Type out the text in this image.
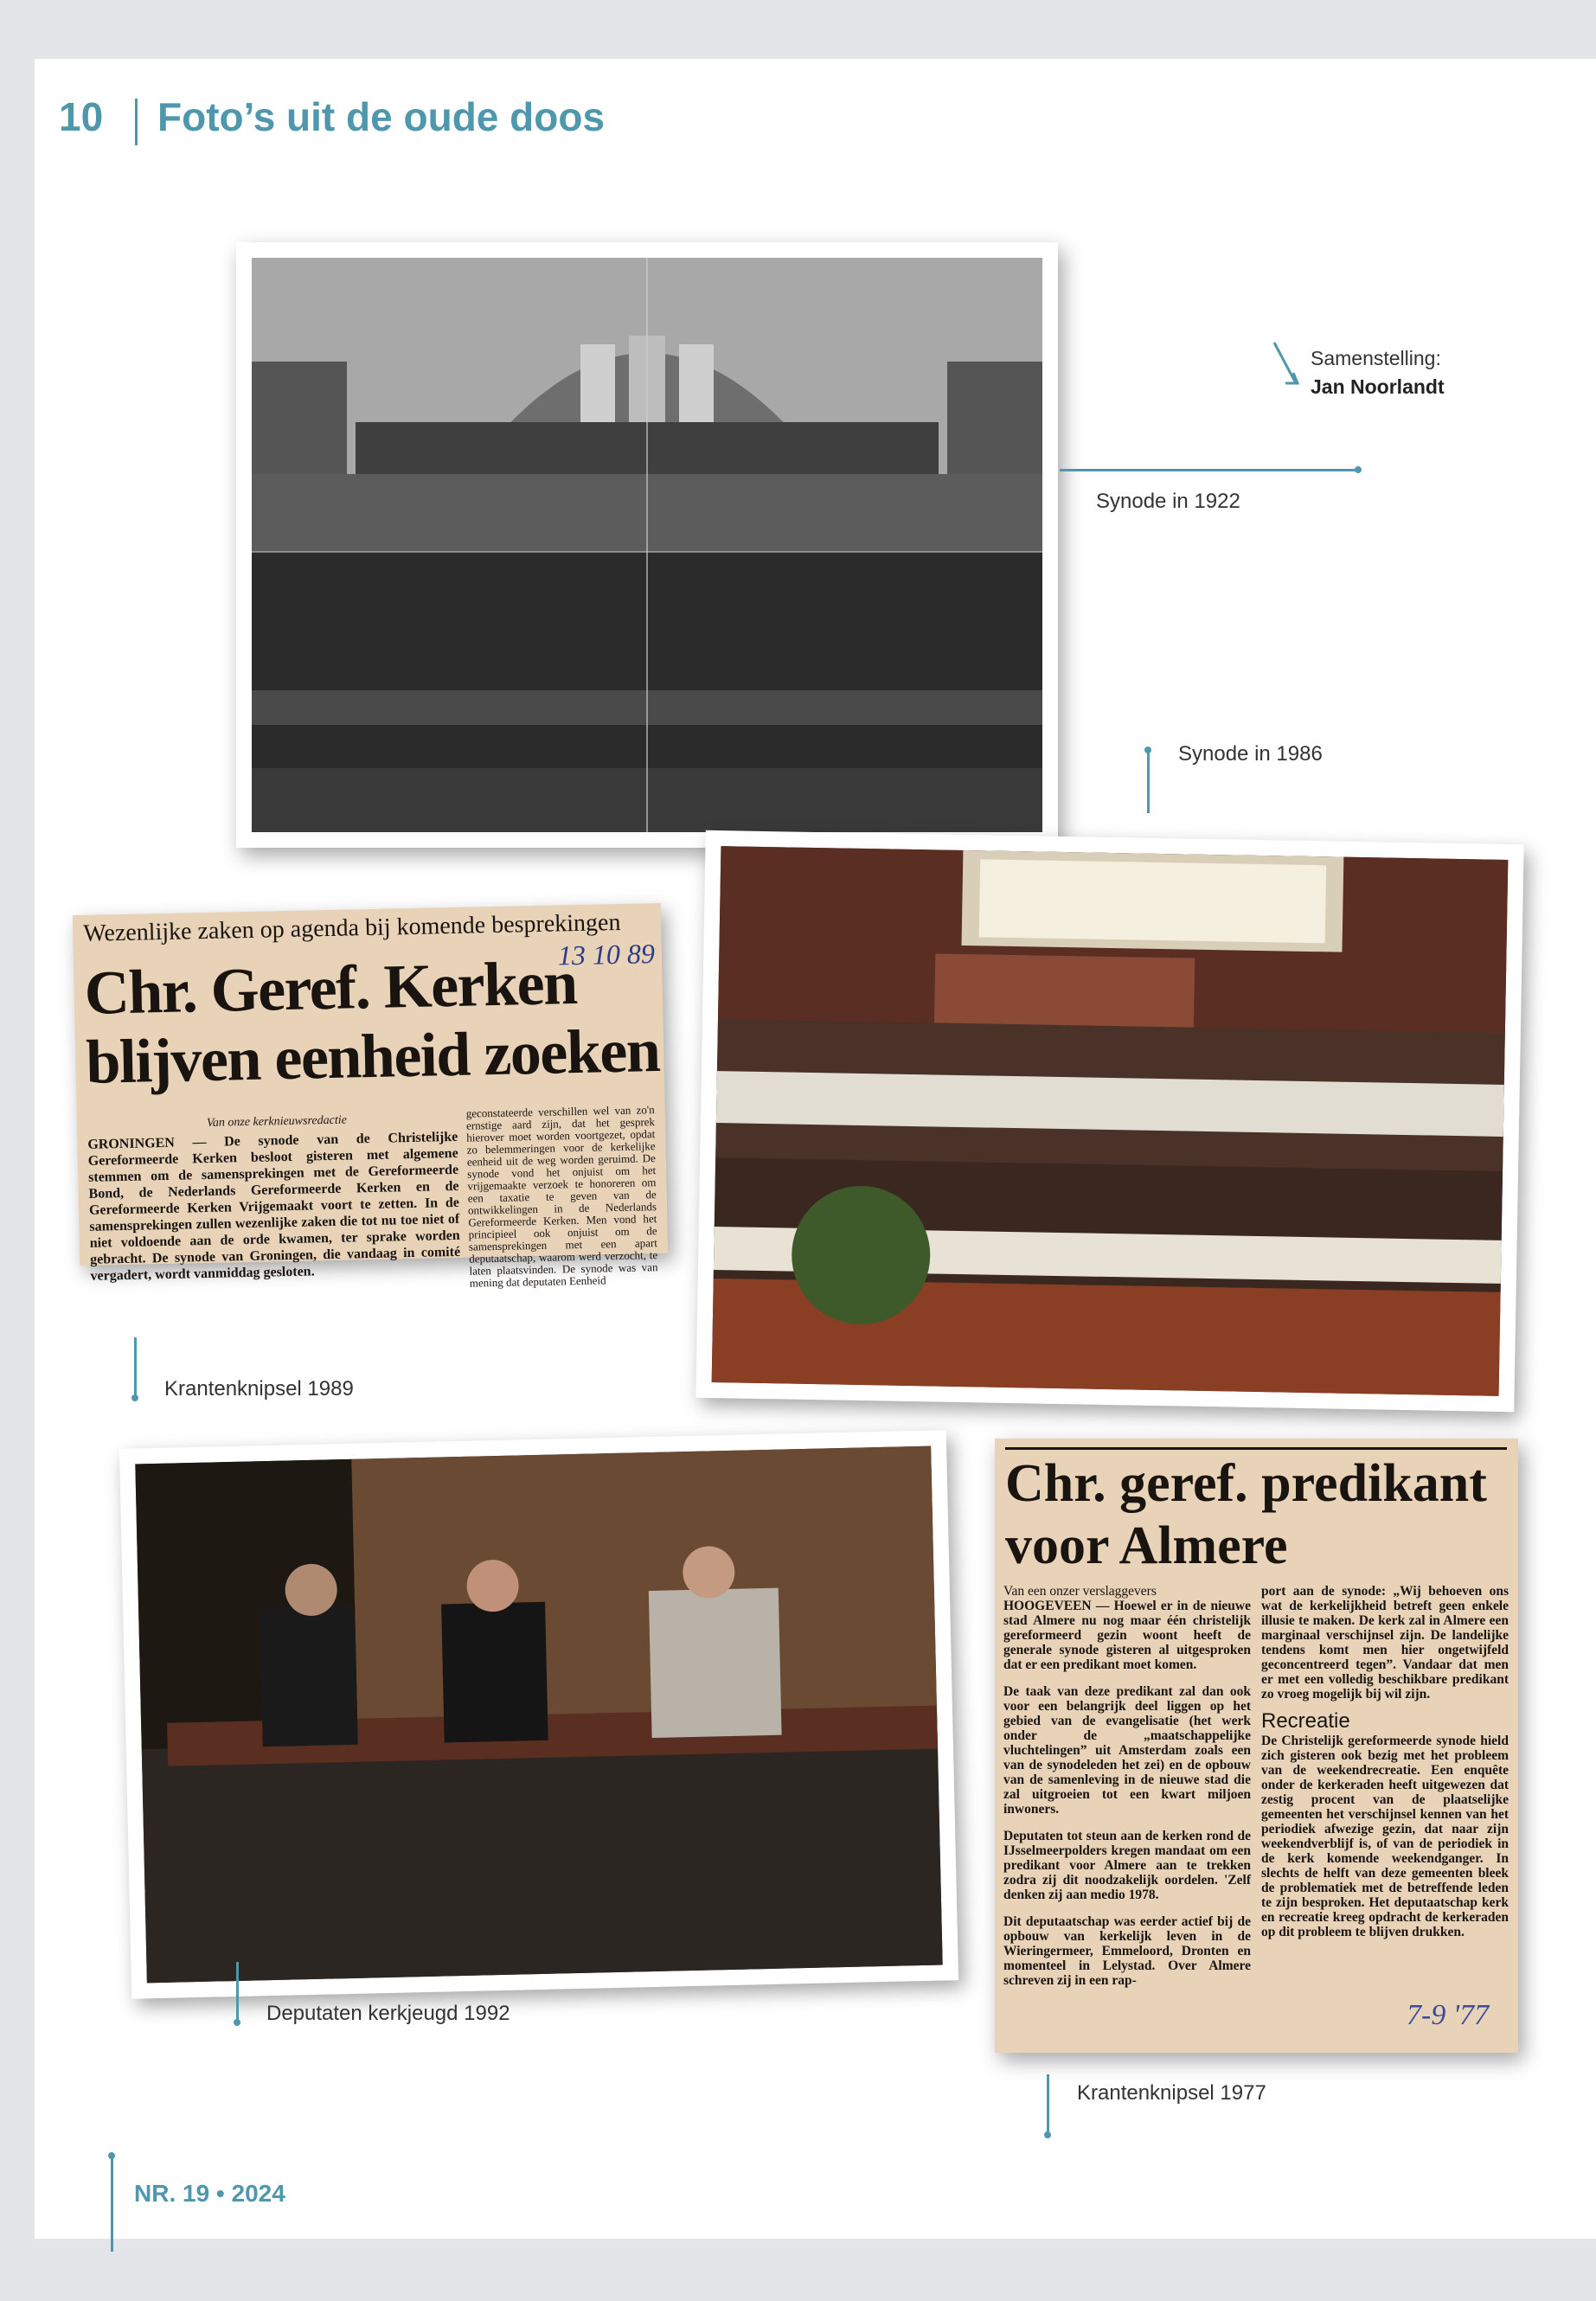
10 Foto’s uit de oude doos
Samenstelling:
Jan Noorlandt
Synode in 1922
Synode in 1986
Wezenlijke zaken op agenda bij komende besprekingen
Chr. Geref. Kerken
blijven eenheid zoeken
13 10 89
Van onze kerknieuwsredactie
GRONINGEN — De synode van de Christelijke Gereformeerde Kerken besloot gisteren met algemene stemmen om de samensprekingen met de Gereformeerde Bond, de Nederlands Gereformeerde Kerken en de Gereformeerde Kerken Vrijgemaakt voort te zetten. In de samensprekingen zullen wezenlijke zaken die tot nu toe niet of niet voldoende aan de orde kwamen, ter sprake worden gebracht. De synode van Groningen, die vandaag in comité vergadert, wordt vanmiddag gesloten.
geconstateerde verschillen wel van zo'n ernstige aard zijn, dat het gesprek hierover moet worden voortgezet, opdat zo belemmeringen voor de kerkelijke eenheid uit de weg worden geruimd. De synode vond het onjuist om het vrijgemaakte verzoek te honoreren om een taxatie te geven van de ontwikkelingen in de Nederlands Gereformeerde Kerken. Men vond het principieel ook onjuist om de samensprekingen met een apart deputaatschap, waarom werd verzocht, te laten plaatsvinden. De synode was van mening dat deputaten Eenheid
Krantenknipsel 1989
Deputaten kerkjeugd 1992
Chr. geref. predikant
voor Almere

Van een onzer verslaggevers

HOOGEVEEN — Hoewel er in de nieuwe stad Almere nu nog maar één christelijk gereformeerd gezin woont heeft de generale synode gisteren al uitgesproken dat er een predikant moet komen.

De taak van deze predikant zal dan ook voor een belangrijk deel liggen op het gebied van de evangelisatie (het werk onder de „maatschappelijke vluchtelingen” uit Amsterdam zoals een van de synodeleden het zei) en de opbouw van de samenleving in de nieuwe stad die zal uitgroeien tot een kwart miljoen inwoners.

Deputaten tot steun aan de kerken rond de IJsselmeerpolders kregen mandaat om een predikant voor Almere aan te trekken zodra zij dit noodzakelijk oordelen. 'Zelf denken zij aan medio 1978.

Dit deputaatschap was eerder actief bij de opbouw van kerkelijk leven in de Wieringermeer, Emmeloord, Dronten en momenteel in Lelystad. Over Almere schreven zij in een rap-

port aan de synode: „Wij behoeven ons wat de kerkelijkheid betreft geen enkele illusie te maken. De kerk zal in Almere een marginaal verschijnsel zijn. De landelijke tendens komt men hier ongetwijfeld geconcentreerd tegen”. Vandaar dat men er met een volledig beschikbare predikant zo vroeg mogelijk bij wil zijn.

Recreatie

De Christelijk gereformeerde synode hield zich gisteren ook bezig met het probleem van de weekendrecreatie. Een enquête onder de kerkeraden heeft uitgewezen dat zestig procent van de plaatselijke gemeenten het verschijnsel kennen van het periodiek afwezige gezin, dat naar zijn weekendverblijf is, of van de periodiek in de kerk komende weekendganger. In slechts de helft van deze gemeenten bleek de problematiek met de betreffende leden te zijn besproken. Het deputaatschap kerk en recreatie kreeg opdracht de kerkeraden op dit probleem te blijven drukken.

7-9 '77
Krantenknipsel 1977
NR. 19 • 2024
